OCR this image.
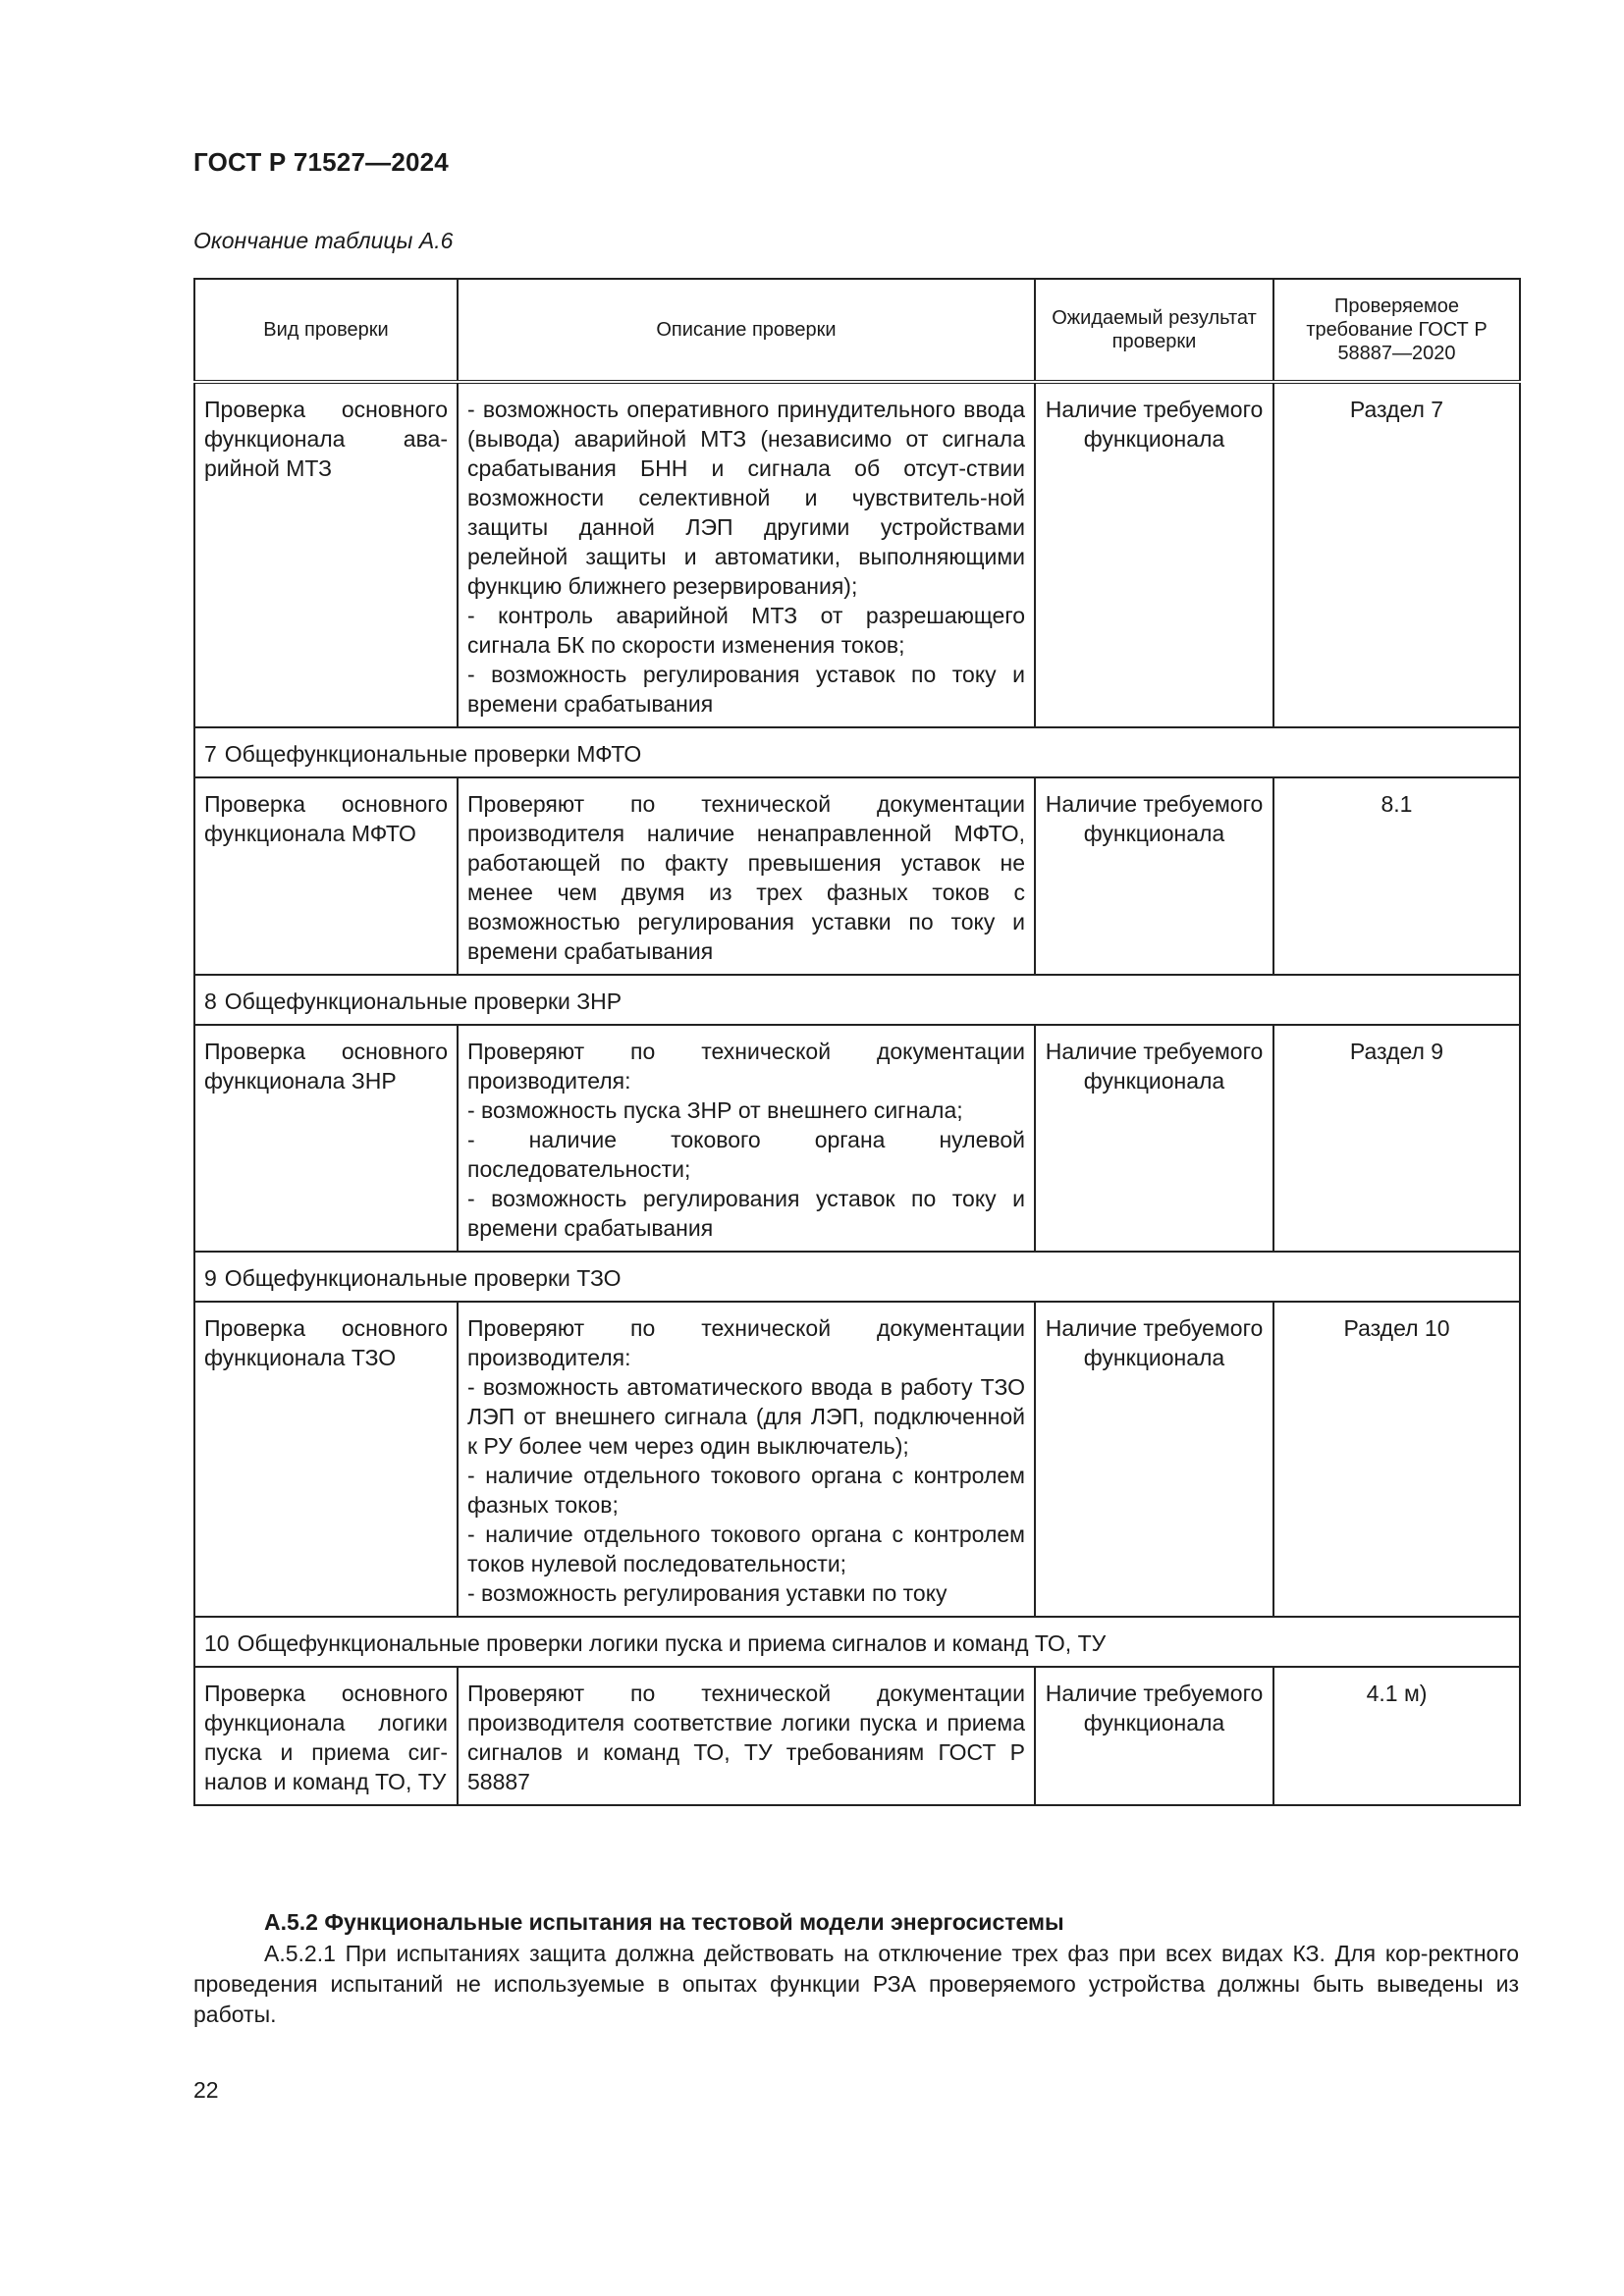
ГОСТ Р 71527—2024
Окончание таблицы А.6
Вид проверки	Описание проверки	Ожидаемый результат проверки	Проверяемое требование ГОСТ Р 58887—2020
Проверка основного функционала ава-рийной МТЗ	- возможность оперативного принудительного ввода (вывода) аварийной МТЗ (независимо от сигнала срабатывания БНН и сигнала об отсут-ствии возможности селективной и чувствитель-ной защиты данной ЛЭП другими устройствами релейной защиты и автоматики, выполняющими функцию ближнего резервирования);
- контроль аварийной МТЗ от разрешающего сигнала БК по скорости изменения токов;
- возможность регулирования уставок по току и времени срабатывания	Наличие требуемого функционала	Раздел 7
7 Общефункциональные проверки МФТО			
Проверка основного функционала МФТО	Проверяют по технической документации производителя наличие ненаправленной МФТО, работающей по факту превышения уставок не менее чем двумя из трех фазных токов с возможностью регулирования уставки по току и времени срабатывания	Наличие требуемого функционала	8.1
8 Общефункциональные проверки ЗНР			
Проверка основного функционала ЗНР	Проверяют по технической документации производителя:
- возможность пуска ЗНР от внешнего сигнала;
- наличие токового органа нулевой последовательности;
- возможность регулирования уставок по току и времени срабатывания	Наличие требуемого функционала	Раздел 9
9 Общефункциональные проверки ТЗО			
Проверка основного функционала ТЗО	Проверяют по технической документации производителя:
- возможность автоматического ввода в работу ТЗО ЛЭП от внешнего сигнала (для ЛЭП, подключенной к РУ более чем через один выключатель);
- наличие отдельного токового органа с контролем фазных токов;
- наличие отдельного токового органа с контролем токов нулевой последовательности;
- возможность регулирования уставки по току	Наличие требуемого функционала	Раздел 10
10 Общефункциональные проверки логики пуска и приема сигналов и команд ТО, ТУ			
Проверка основного функционала логики пуска и приема сиг-налов и команд ТО, ТУ	Проверяют по технической документации производителя соответствие логики пуска и приема сигналов и команд ТО, ТУ требованиям ГОСТ Р 58887	Наличие требуемого функционала	4.1 м)
А.5.2 Функциональные испытания на тестовой модели энергосистемы
А.5.2.1 При испытаниях защита должна действовать на отключение трех фаз при всех видах КЗ. Для кор-ректного проведения испытаний не используемые в опытах функции РЗА проверяемого устройства должны быть выведены из работы.
22
